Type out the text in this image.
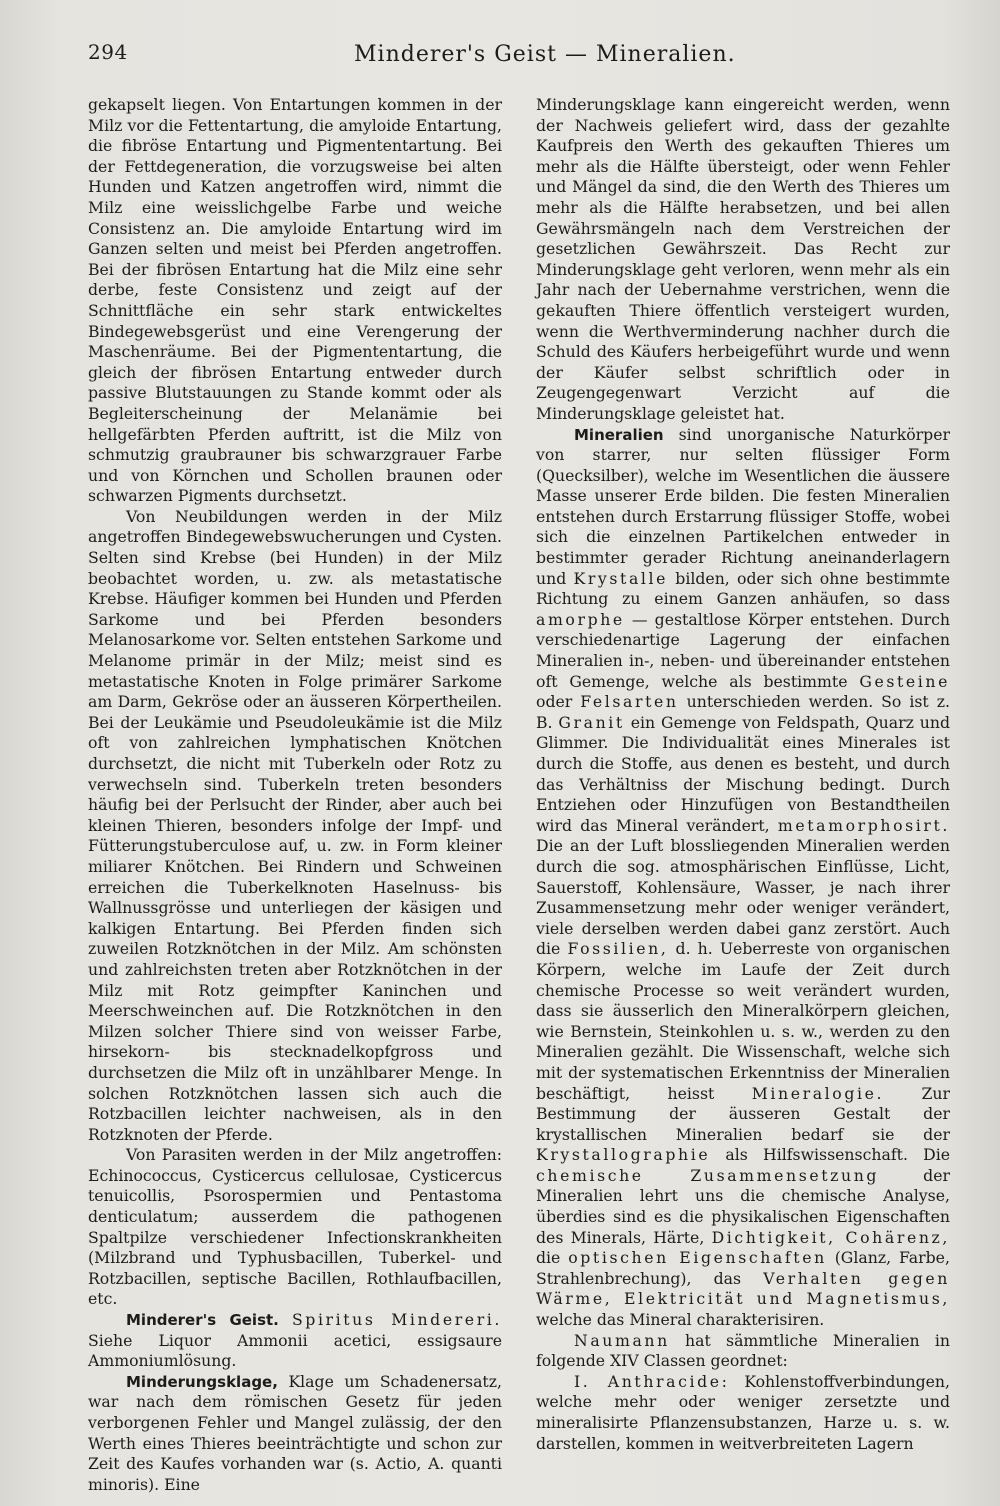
294	Minderer's Geist — Mineralien.

gekapselt liegen. Von Entartungen kommen in der Milz vor die Fettentartung, die amyloide Entartung, die fibröse Entartung und Pigmententartung. Bei der Fettdegeneration, die vorzugsweise bei alten Hunden und Katzen angetroffen wird, nimmt die Milz eine weisslichgelbe Farbe und weiche Consistenz an. Die amyloide Entartung wird im Ganzen selten und meist bei Pferden angetroffen. Bei der fibrösen Entartung hat die Milz eine sehr derbe, feste Consistenz und zeigt auf der Schnittfläche ein sehr stark entwickeltes Bindegewebsgerüst und eine Verengerung der Maschenräume. Bei der Pigmententartung, die gleich der fibrösen Entartung entweder durch passive Blutstauungen zu Stande kommt oder als Begleiterscheinung der Melanämie bei hellgefärbten Pferden auftritt, ist die Milz von schmutzig graubrauner bis schwarzgrauer Farbe und von Körnchen und Schollen braunen oder schwarzen Pigments durchsetzt.

Von Neubildungen werden in der Milz angetroffen Bindegewebswucherungen und Cysten. Selten sind Krebse (bei Hunden) in der Milz beobachtet worden, u. zw. als metastatische Krebse. Häufiger kommen bei Hunden und Pferden Sarkome und bei Pferden besonders Melanosarkome vor. Selten entstehen Sarkome und Melanome primär in der Milz; meist sind es metastatische Knoten in Folge primärer Sarkome am Darm, Gekröse oder an äusseren Körpertheilen. Bei der Leukämie und Pseudoleukämie ist die Milz oft von zahlreichen lymphatischen Knötchen durchsetzt, die nicht mit Tuberkeln oder Rotz zu verwechseln sind. Tuberkeln treten besonders häufig bei der Perlsucht der Rinder, aber auch bei kleinen Thieren, besonders infolge der Impf- und Fütterungstuberculose auf, u. zw. in Form kleiner miliarer Knötchen. Bei Rindern und Schweinen erreichen die Tuberkelknoten Haselnuss- bis Wallnussgrösse und unterliegen der käsigen und kalkigen Entartung. Bei Pferden finden sich zuweilen Rotzknötchen in der Milz. Am schönsten und zahlreichsten treten aber Rotzknötchen in der Milz mit Rotz geimpfter Kaninchen und Meerschweinchen auf. Die Rotzknötchen in den Milzen solcher Thiere sind von weisser Farbe, hirsekorn- bis stecknadelkopfgross und durchsetzen die Milz oft in unzählbarer Menge. In solchen Rotzknötchen lassen sich auch die Rotzbacillen leichter nachweisen, als in den Rotzknoten der Pferde.

Von Parasiten werden in der Milz angetroffen: Echinococcus, Cysticercus cellulosae, Cysticercus tenuicollis, Psorospermien und Pentastoma denticulatum; ausserdem die pathogenen Spaltpilze verschiedener Infectionskrankheiten (Milzbrand und Typhusbacillen, Tuberkel- und Rotzbacillen, septische Bacillen, Rothlaufbacillen, etc.

Minderer's Geist. Spiritus Mindereri. Siehe Liquor Ammonii acetici, essigsaure Ammoniumlösung.

Minderungsklage, Klage um Schadenersatz, war nach dem römischen Gesetz für jeden verborgenen Fehler und Mangel zulässig, der den Werth eines Thieres beeinträchtigte und schon zur Zeit des Kaufes vorhanden war (s. Actio, A. quanti minoris). Eine

Minderungsklage kann eingereicht werden, wenn der Nachweis geliefert wird, dass der gezahlte Kaufpreis den Werth des gekauften Thieres um mehr als die Hälfte übersteigt, oder wenn Fehler und Mängel da sind, die den Werth des Thieres um mehr als die Hälfte herabsetzen, und bei allen Gewährsmängeln nach dem Verstreichen der gesetzlichen Gewährszeit. Das Recht zur Minderungsklage geht verloren, wenn mehr als ein Jahr nach der Uebernahme verstrichen, wenn die gekauften Thiere öffentlich versteigert wurden, wenn die Werthverminderung nachher durch die Schuld des Käufers herbeigeführt wurde und wenn der Käufer selbst schriftlich oder in Zeugengegenwart Verzicht auf die Minderungsklage geleistet hat.

Mineralien sind unorganische Naturkörper von starrer, nur selten flüssiger Form (Quecksilber), welche im Wesentlichen die äussere Masse unserer Erde bilden. Die festen Mineralien entstehen durch Erstarrung flüssiger Stoffe, wobei sich die einzelnen Partikelchen entweder in bestimmter gerader Richtung aneinanderlagern und Krystalle bilden, oder sich ohne bestimmte Richtung zu einem Ganzen anhäufen, so dass amorphe — gestaltlose Körper entstehen. Durch verschiedenartige Lagerung der einfachen Mineralien in-, neben- und übereinander entstehen oft Gemenge, welche als bestimmte Gesteine oder Felsarten unterschieden werden. So ist z. B. Granit ein Gemenge von Feldspath, Quarz und Glimmer. Die Individualität eines Minerales ist durch die Stoffe, aus denen es besteht, und durch das Verhältniss der Mischung bedingt. Durch Entziehen oder Hinzufügen von Bestandtheilen wird das Mineral verändert, metamorphosirt. Die an der Luft blossliegenden Mineralien werden durch die sog. atmosphärischen Einflüsse, Licht, Sauerstoff, Kohlensäure, Wasser, je nach ihrer Zusammensetzung mehr oder weniger verändert, viele derselben werden dabei ganz zerstört. Auch die Fossilien, d. h. Ueberreste von organischen Körpern, welche im Laufe der Zeit durch chemische Processe so weit verändert wurden, dass sie äusserlich den Mineralkörpern gleichen, wie Bernstein, Steinkohlen u. s. w., werden zu den Mineralien gezählt. Die Wissenschaft, welche sich mit der systematischen Erkenntniss der Mineralien beschäftigt, heisst Mineralogie. Zur Bestimmung der äusseren Gestalt der krystallischen Mineralien bedarf sie der Krystallographie als Hilfswissenschaft. Die chemische Zusammensetzung	der Mineralien lehrt uns die chemische Analyse, überdies sind es die physikalischen Eigenschaften des Minerals, Härte, Dichtigkeit, Cohärenz, die optischen Eigenschaften (Glanz, Farbe, Strahlenbrechung), das Verhalten gegen Wärme, Elektricität und Magnetismus, welche das Mineral charakterisiren.

Naumann hat sämmtliche Mineralien in folgende XIV Classen geordnet:

I. Anthracide: Kohlenstoffverbindungen, welche mehr oder weniger zersetzte und mineralisirte Pflanzensubstanzen, Harze u. s. w. darstellen, kommen in weitverbreiteten Lagern
